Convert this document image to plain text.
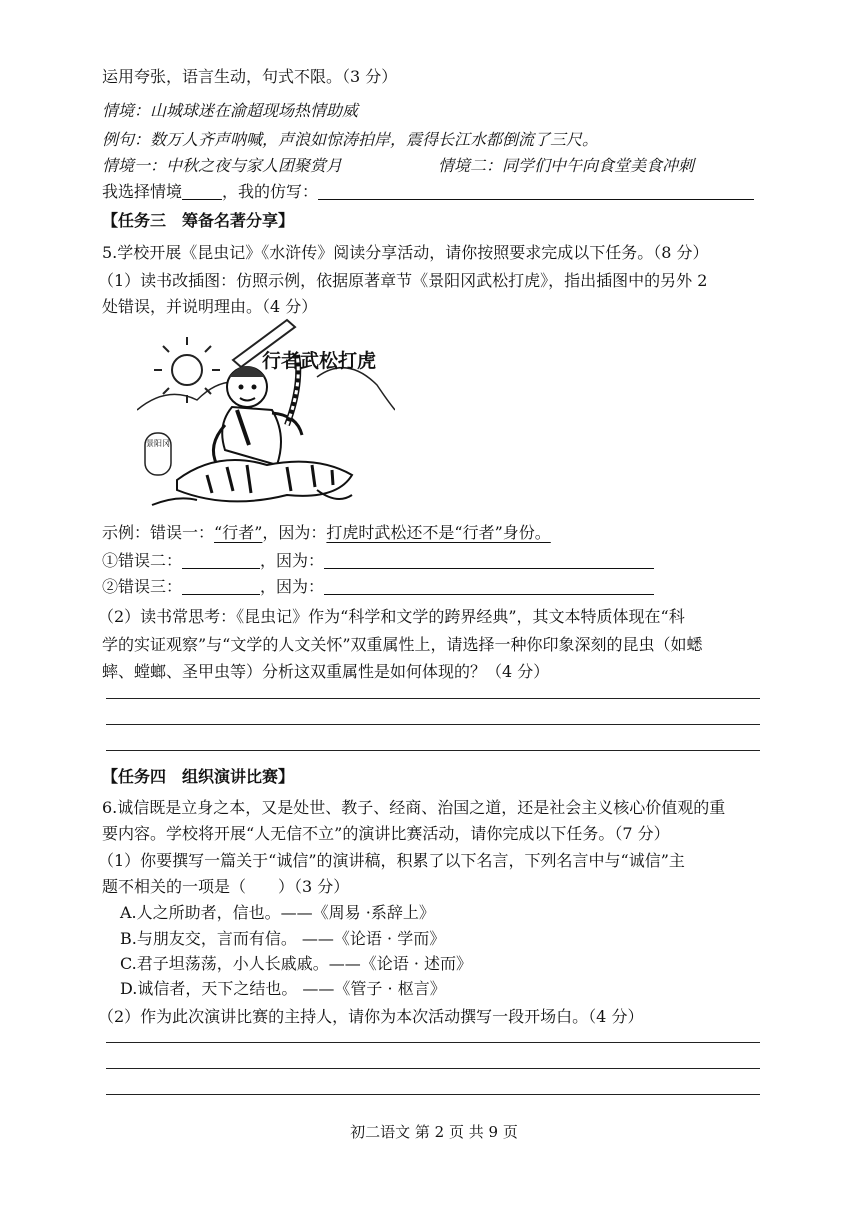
运用夸张，语言生动，句式不限。（3 分）
情境：山城球迷在渝超现场热情助威
例句：数万人齐声呐喊，声浪如惊涛拍岸，震得长江水都倒流了三尺。
情境一：中秋之夜与家人团聚赏月	情境二：同学们中午向食堂美食冲刺
我选择情境	，我的仿写：
【任务三　筹备名著分享】
5.学校开展《昆虫记》《水浒传》阅读分享活动，请你按照要求完成以下任务。（8 分）
（1）读书改插图：仿照示例，依据原著章节《景阳冈武松打虎》，指出插图中的另外 2
处错误，并说明理由。（4 分）
行者武松打虎
景阳冈
示例：错误一：“行者”，因为：打虎时武松还不是“行者”身份。
①错误二：	，因为：
②错误三：	，因为：
（2）读书常思考：《昆虫记》作为“科学和文学的跨界经典”，其文本特质体现在“科
学的实证观察”与“文学的人文关怀”双重属性上，请选择一种你印象深刻的昆虫（如蟋
蟀、螳螂、圣甲虫等）分析这双重属性是如何体现的？（4 分）
【任务四　组织演讲比赛】
6.诚信既是立身之本，又是处世、教子、经商、治国之道，还是社会主义核心价值观的重
要内容。学校将开展“人无信不立”的演讲比赛活动，请你完成以下任务。（7 分）
（1）你要撰写一篇关于“诚信”的演讲稿，积累了以下名言，下列名言中与“诚信”主
题不相关的一项是（　　）（3 分）
A.人之所助者，信也。——《周易 ·系辞上》
B.与朋友交，言而有信。 ——《论语 · 学而》
C.君子坦荡荡，小人长戚戚。——《论语 · 述而》
D.诚信者，天下之结也。 ——《管子 · 枢言》
（2）作为此次演讲比赛的主持人，请你为本次活动撰写一段开场白。（4 分）
初二语文 第 2 页 共 9 页
